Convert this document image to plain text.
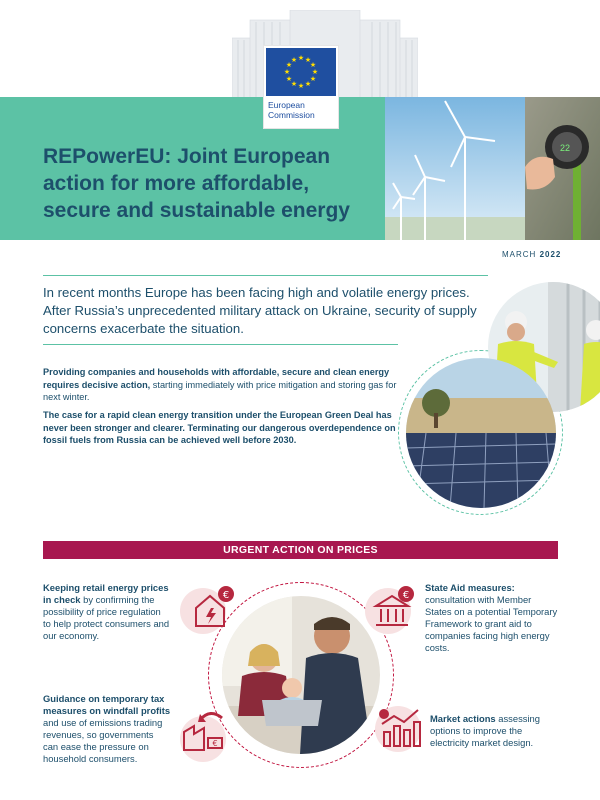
REPowerEU: Joint European
action for more affordable,
secure and sustainable energy
22
★ ★
★
★
★
★
★
★
★
★
★
★
European
Commission
MARCH 2022
In recent months Europe has been facing high and volatile energy prices. After Russia’s unprecedented military attack on Ukraine, security of supply concerns exacerbate the situation.
Providing companies and households with affordable, secure and clean energy requires decisive action, starting immediately with price mitigation and storing gas for next winter.
The case for a rapid clean energy transition under the European Green Deal has never been stronger and clearer. Terminating our dangerous overdependence on fossil fuels from Russia can be achieved well before 2030.
URGENT ACTION ON PRICES
€
Keeping retail energy prices in check by confirming the possibility of price regulation to help protect consumers and our economy.
€
State Aid measures: consultation with Member States on a potential Temporary Framework to grant aid to companies facing high energy costs.
€
Guidance on temporary tax measures on windfall profits and use of emissions trading revenues, so governments can ease the pressure on household consumers.
Market actions assessing options to improve the electricity market design.
